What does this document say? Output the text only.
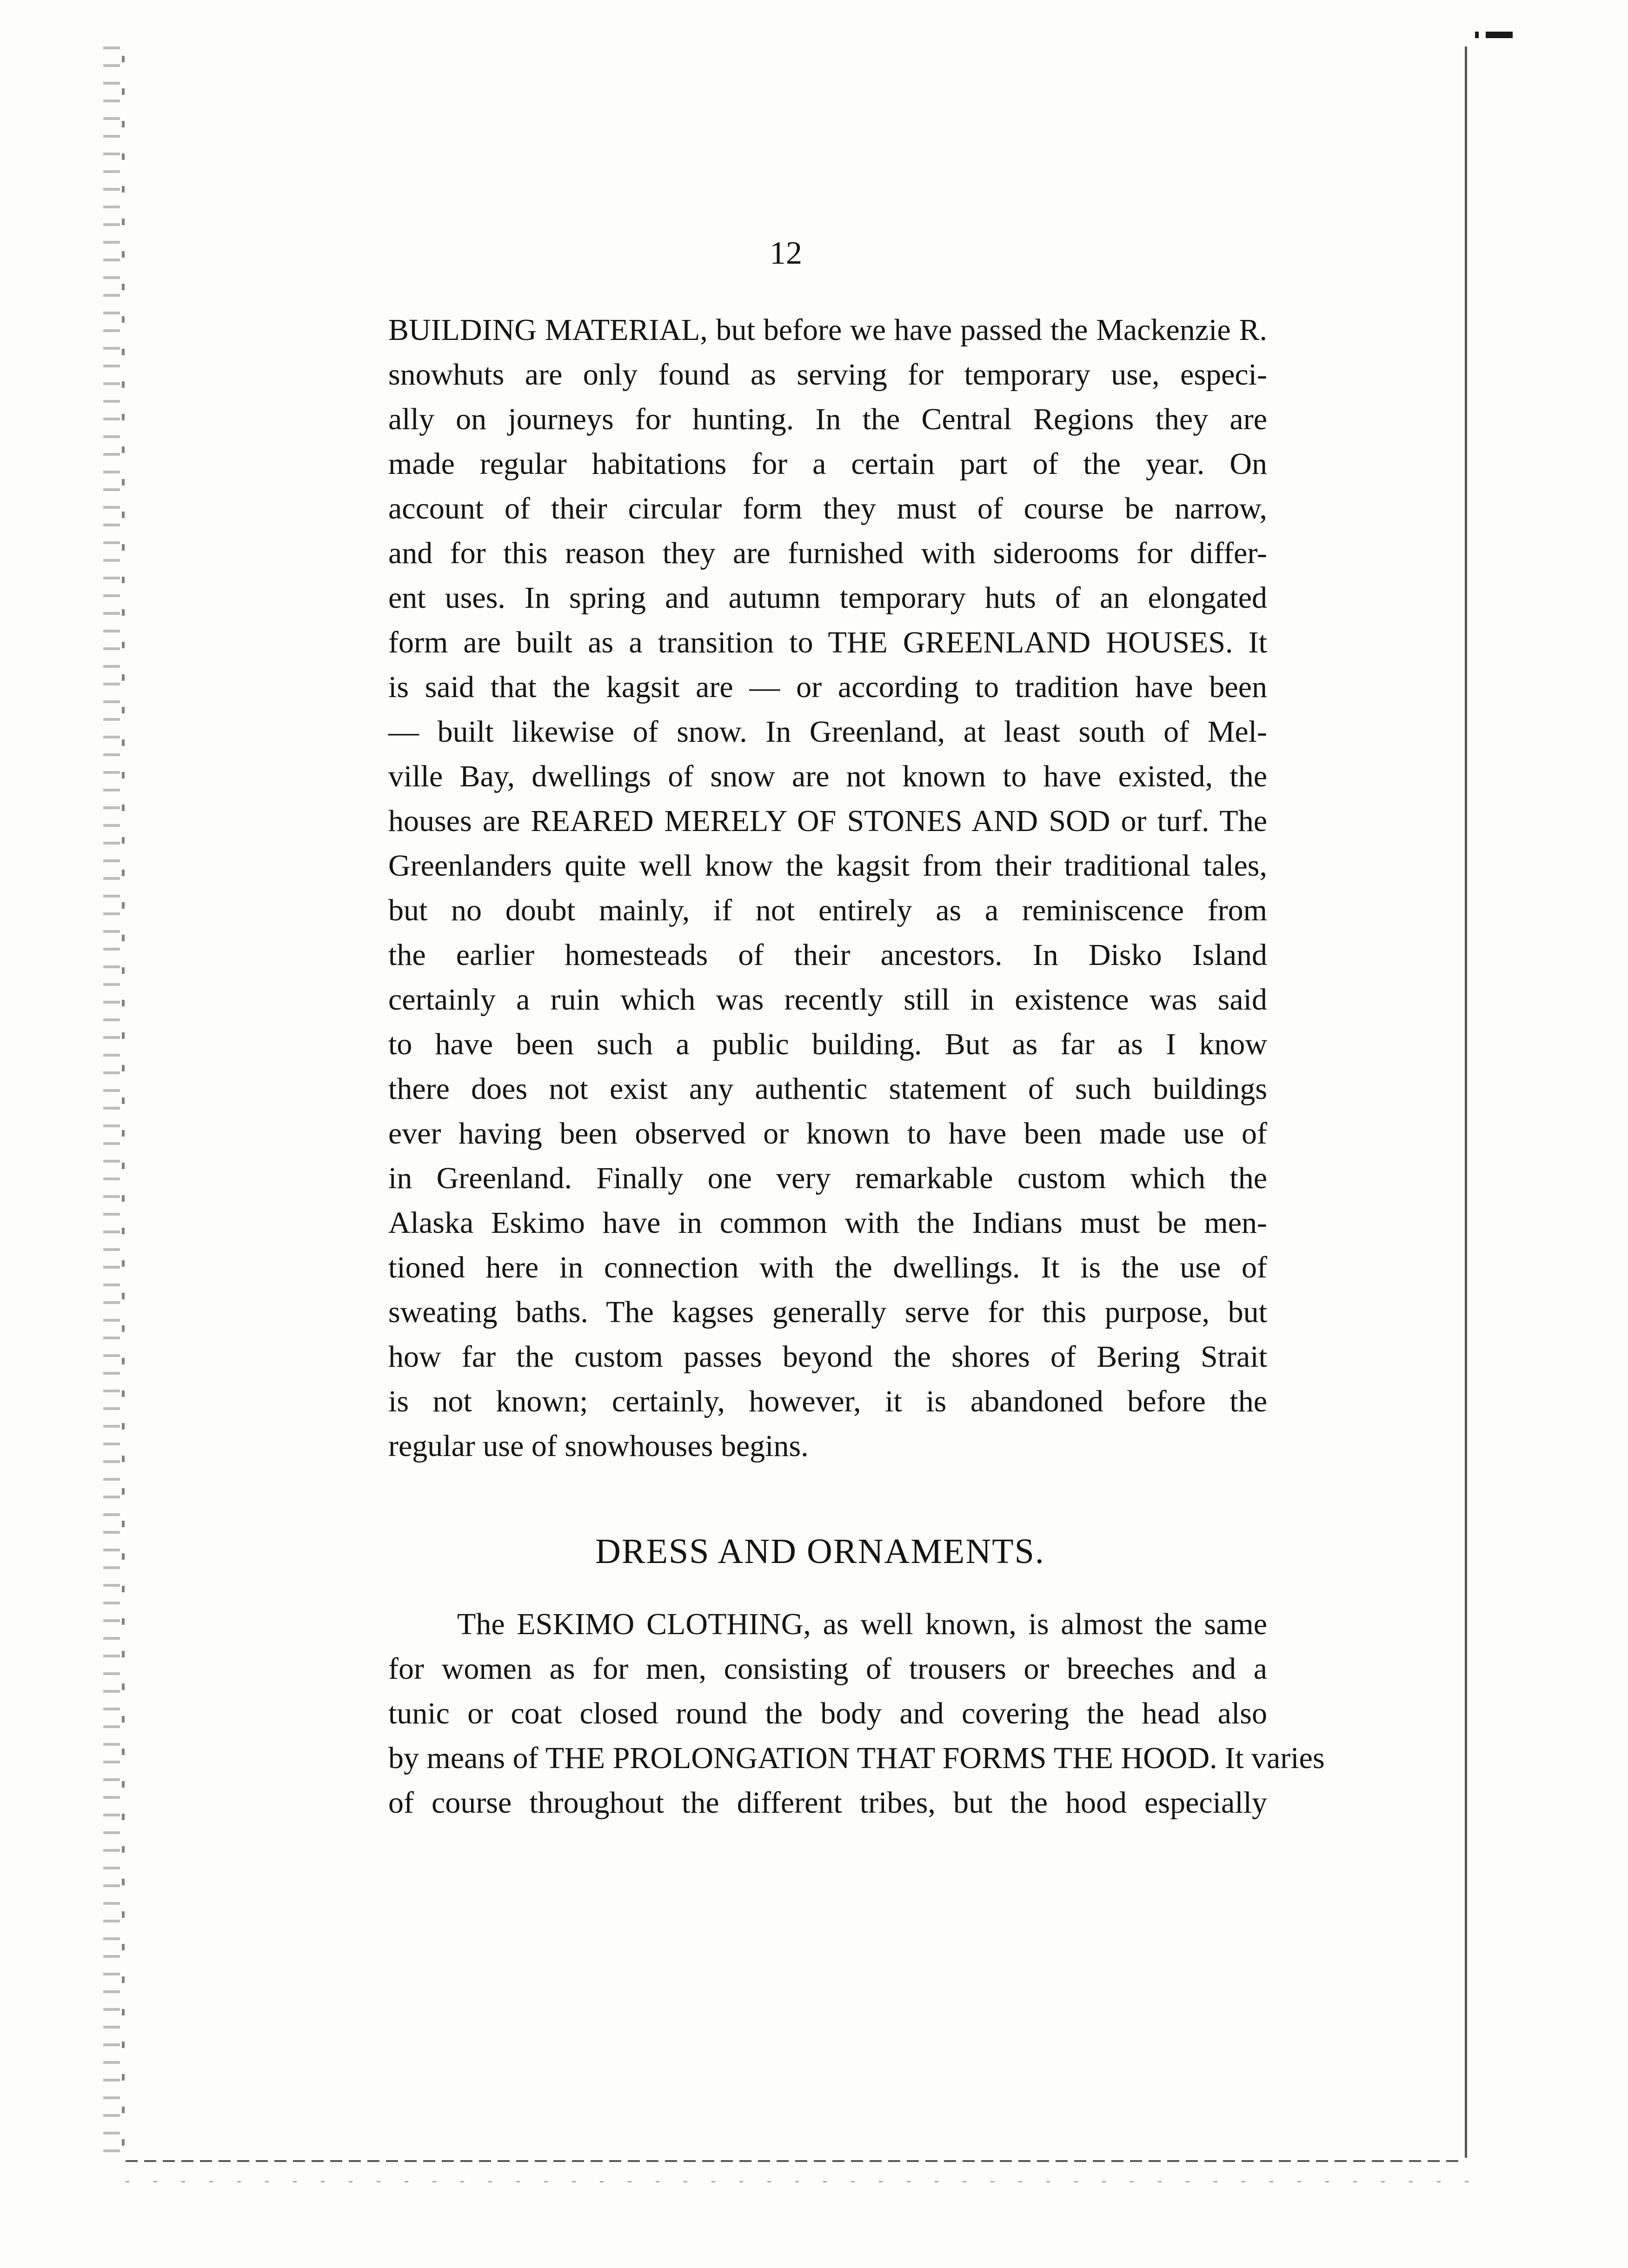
12
BUILDING MATERIAL, but before we have passed the Mackenzie R.
snowhuts are only found as serving for temporary use, especi-
ally on journeys for hunting. In the Central Regions they are
made regular habitations for a certain part of the year. On
account of their circular form they must of course be narrow,
and for this reason they are furnished with siderooms for differ-
ent uses. In spring and autumn temporary huts of an elongated
form are built as a transition to THE GREENLAND HOUSES. It
is said that the kagsit are — or according to tradition have been
— built likewise of snow. In Greenland, at least south of Mel-
ville Bay, dwellings of snow are not known to have existed, the
houses are REARED MERELY OF STONES AND SOD or turf. The
Greenlanders quite well know the kagsit from their traditional tales,
but no doubt mainly, if not entirely as a reminiscence from
the earlier homesteads of their ancestors. In Disko Island
certainly a ruin which was recently still in existence was said
to have been such a public building. But as far as I know
there does not exist any authentic statement of such buildings
ever having been observed or known to have been made use of
in Greenland. Finally one very remarkable custom which the
Alaska Eskimo have in common with the Indians must be men-
tioned here in connection with the dwellings. It is the use of
sweating baths. The kagses generally serve for this purpose, but
how far the custom passes beyond the shores of Bering Strait
is not known; certainly, however, it is abandoned before the
regular use of snowhouses begins.
DRESS AND ORNAMENTS.
The ESKIMO CLOTHING, as well known, is almost the same
for women as for men, consisting of trousers or breeches and a
tunic or coat closed round the body and covering the head also
by means of THE PROLONGATION THAT FORMS THE HOOD. It varies
of course throughout the different tribes, but the hood especially
